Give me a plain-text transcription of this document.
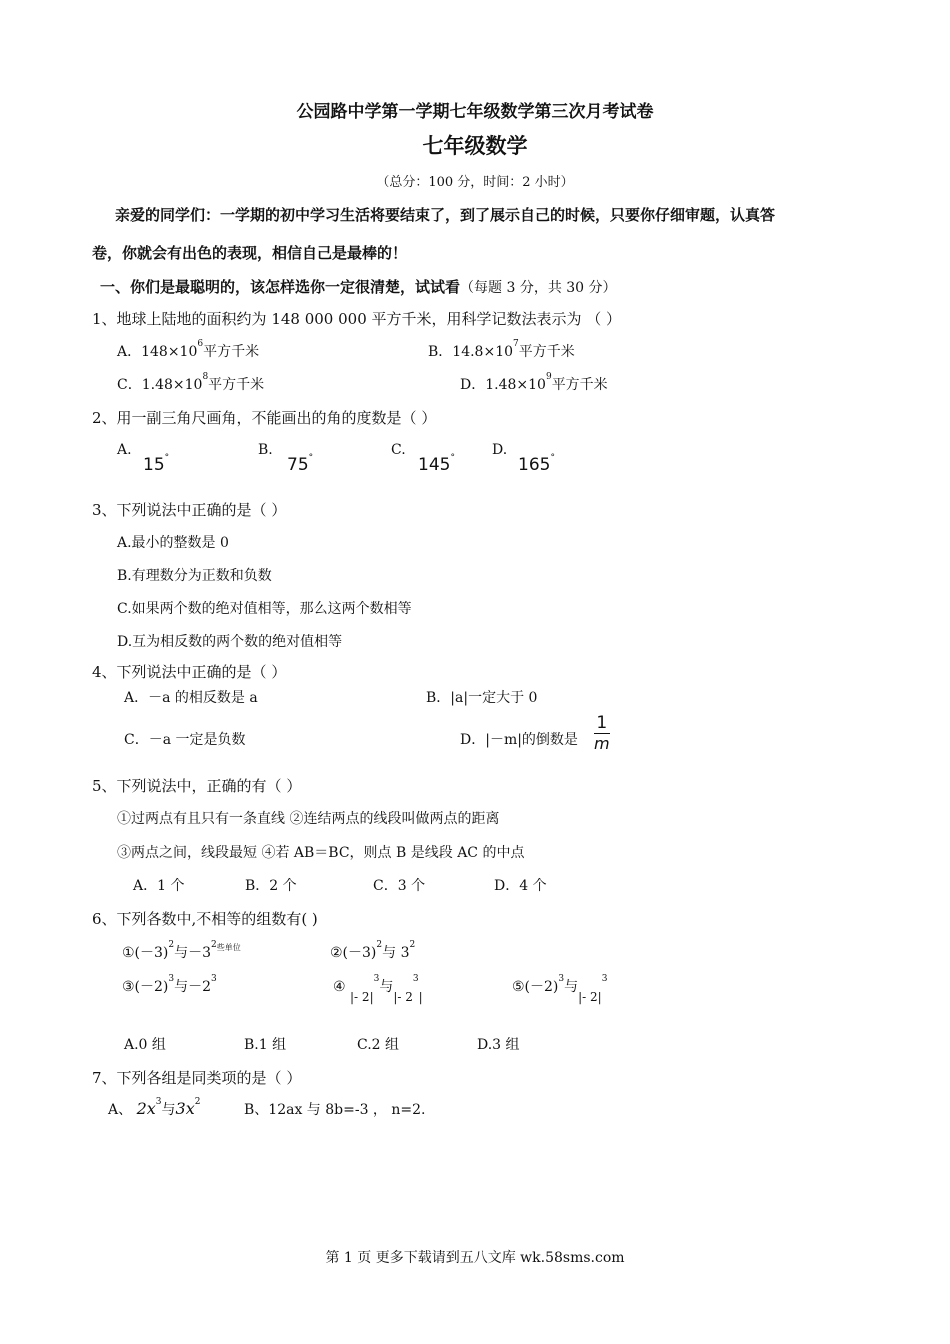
公园路中学第一学期七年级数学第三次月考试卷
七年级数学
（总分：100 分，时间：2 小时）
亲爱的同学们：一学期的初中学习生活将要结束了，到了展示自己的时候，只要你仔细审题，认真答
卷，你就会有出色的表现，相信自己是最棒的！
一、你们是最聪明的，该怎样选你一定很清楚，试试看（每题 3 分，共 30 分）
1、地球上陆地的面积约为 148 000 000 平方千米，用科学记数法表示为 （ ）
A．$148\times 10^6$平方千米	B．$14.8\times 10^7$平方千米
C．$1.48\times 10^8$平方千米	D．$1.48\times 10^9$平方千米
2、用一副三角尺画角，不能画出的角的度数是（ ）
A.
15°	B.
75°	C.
145°	D.
165°
3、下列说法中正确的是（ ）
A.最小的整数是 0
B.有理数分为正数和负数
C.如果两个数的绝对值相等，那么这两个数相等
D.互为相反数的两个数的绝对值相等
4、下列说法中正确的是（ ）
A．－a 的相反数是 a	B．|a|一定大于 0
C．－a 一定是负数	D．|－m|的倒数是 $\frac{1}{m}$
5、下列说法中，正确的有（ ）
①过两点有且只有一条直线 ②连结两点的线段叫做两点的距离
③两点之间，线段最短 ④若 AB＝BC，则点 B 是线段 AC 的中点
A．1 个	B．2 个	C．3 个	D．4 个
6、下列各数中,不相等的组数有( )
$①(-3)^2$与$-3^{2些单位}$	$②(-3)^2$与 $3^2$
$③(-2)^3$与$-2^3$	④ |- $2|^3$与|- $2^3|$
$⑤(-2)^3$与|- $2|^3$
A.0 组	B.1 组	C.2 组	D.3 组
7、下列各组是同类项的是（ ）
A、 $2x^3$与$3x^2$	B、12ax 与 8b=-3 ， n=2.
第 1 页 更多下载请到五八文库 wk.58sms.com
